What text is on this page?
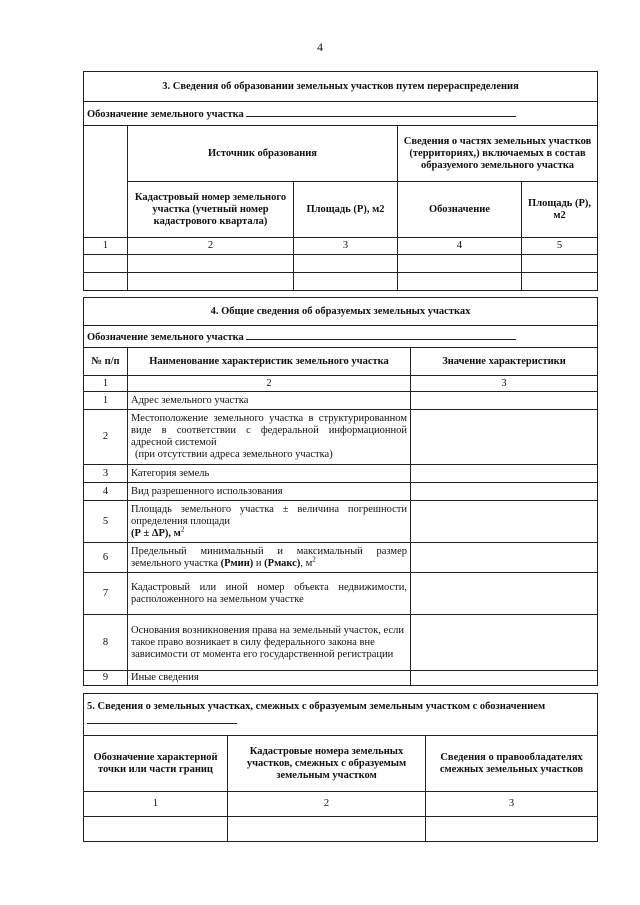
4
3. Сведения об образовании земельных участков путем перераспределения				
Обозначение земельного участка				
	Источник образования		Сведения о частях земельных участков (территориях,) включаемых в состав образуемого земельного участка	
	Кадастровый номер земельного участка (учетный номер кадастрового квартала)	Площадь (Р), м2	Обозначение	Площадь (Р), м2
1	2	3	4	5

4. Общие сведения об образуемых земельных участках		
Обозначение земельного участка		
№ п/п	Наименование характеристик земельного участка	Значение характеристики
1	2	3
1	Адрес земельного участка	
2	Местоположение земельного участка в структурированном виде в соответствии с федеральной информационной адресной системой
(при отсутствии адреса земельного участка)	

3	Категория земель	
4	Вид разрешенного использования	
5	Площадь земельного участка ± величина погрешности определения площади
(Р ± ΔР), $м^2$

6	Предельный минимальный и максимальный размер земельного участка (Рмин) и (Рмакс), $м^2$	
7	Кадастровый или иной номер объекта недвижимости, расположенного на земельном участке	
8	Основания возникновения права на земельный участок, если такое право возникает в силу федерального закона вне зависимости от момента его государственной регистрации	
9	Иные сведения	
5. Сведения о земельных участках, смежных с образуемым земельным участком с обозначением		
Обозначение характерной точки или части границ	Кадастровые номера земельных участков, смежных с образуемым земельным участком	Сведения о правообладателях смежных земельных участков
1	2	3
